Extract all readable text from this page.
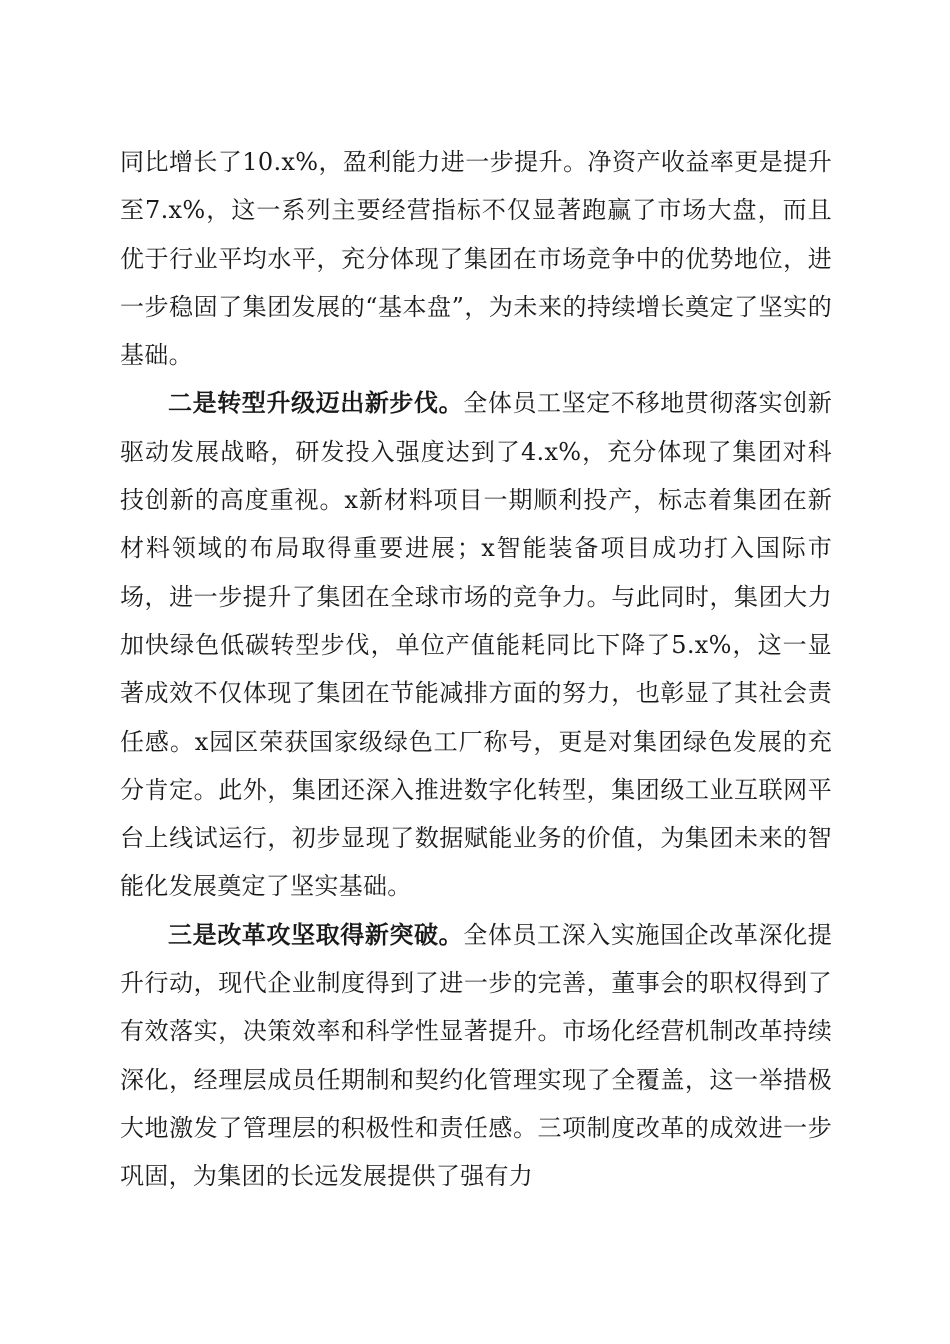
同比增长了10.x%，盈利能力进一步提升。净资产收益率更是提升至7.x%，这一系列主要经营指标不仅显著跑赢了市场大盘，而且优于行业平均水平，充分体现了集团在市场竞争中的优势地位，进一步稳固了集团发展的“基本盘”，为未来的持续增长奠定了坚实的基础。

二是转型升级迈出新步伐。全体员工坚定不移地贯彻落实创新驱动发展战略，研发投入强度达到了4.x%，充分体现了集团对科技创新的高度重视。x新材料项目一期顺利投产，标志着集团在新材料领域的布局取得重要进展；x智能装备项目成功打入国际市场，进一步提升了集团在全球市场的竞争力。与此同时，集团大力加快绿色低碳转型步伐，单位产值能耗同比下降了5.x%，这一显著成效不仅体现了集团在节能减排方面的努力，也彰显了其社会责任感。x园区荣获国家级绿色工厂称号，更是对集团绿色发展的充分肯定。此外，集团还深入推进数字化转型，集团级工业互联网平台上线试运行，初步显现了数据赋能业务的价值，为集团未来的智能化发展奠定了坚实基础。

三是改革攻坚取得新突破。全体员工深入实施国企改革深化提升行动，现代企业制度得到了进一步的完善，董事会的职权得到了有效落实，决策效率和科学性显著提升。市场化经营机制改革持续深化，经理层成员任期制和契约化管理实现了全覆盖，这一举措极大地激发了管理层的积极性和责任感。三项制度改革的成效进一步巩固，为集团的长远发展提供了强有力
